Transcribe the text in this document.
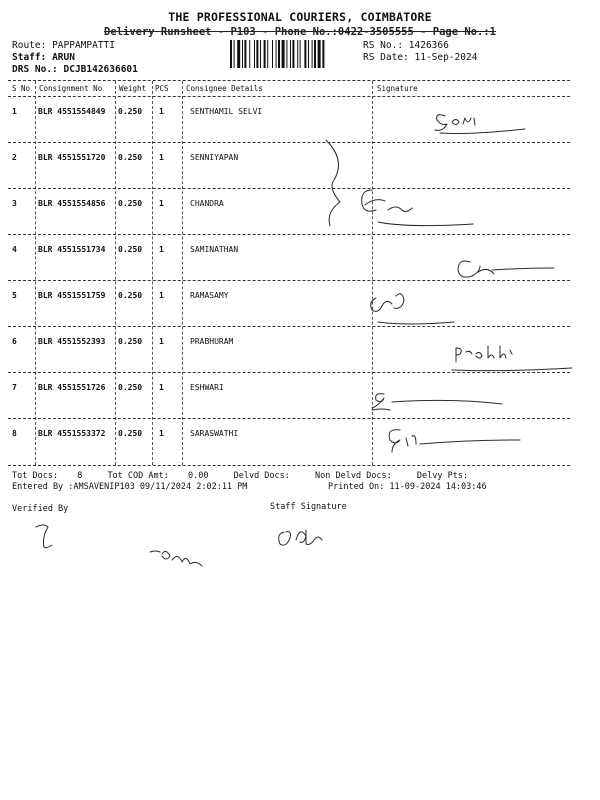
THE PROFESSIONAL COURIERS, COIMBATORE
Delivery Runsheet - P103 - Phone No.:0422-3505555 - Page No.:1
Route: PAPPAMPATTI
Staff: ARUN
DRS No.: DCJB142636601
RS No.: 1426366
RS Date: 11-Sep-2024
S No Consignment No Weight PCS Consignee Details	Signature
1	BLR 4551554849 0.250 1	SENTHAMIL SELVI
2	BLR 4551551720 0.250 1	SENNIYAPAN
3	BLR 4551554856 0.250 1	CHANDRA
4	BLR 4551551734 0.250 1	SAMINATHAN
5	BLR 4551551759 0.250 1	RAMASAMY
6	BLR 4551552393 0.250 1	PRABHURAM
7	BLR 4551551726 0.250 1	ESHWARI
8	BLR 4551553372 0.250 1	SARASWATHI
Tot Docs: 8	Tot COD Amt: 0.00	Delvd Docs:	Non Delvd Docs:	Delvy Pts:
Entered By :AMSAVENIP103 09/11/2024 2:02:11 PM	Printed On: 11-09-2024 14:03:46
Verified By	Staff Signature
